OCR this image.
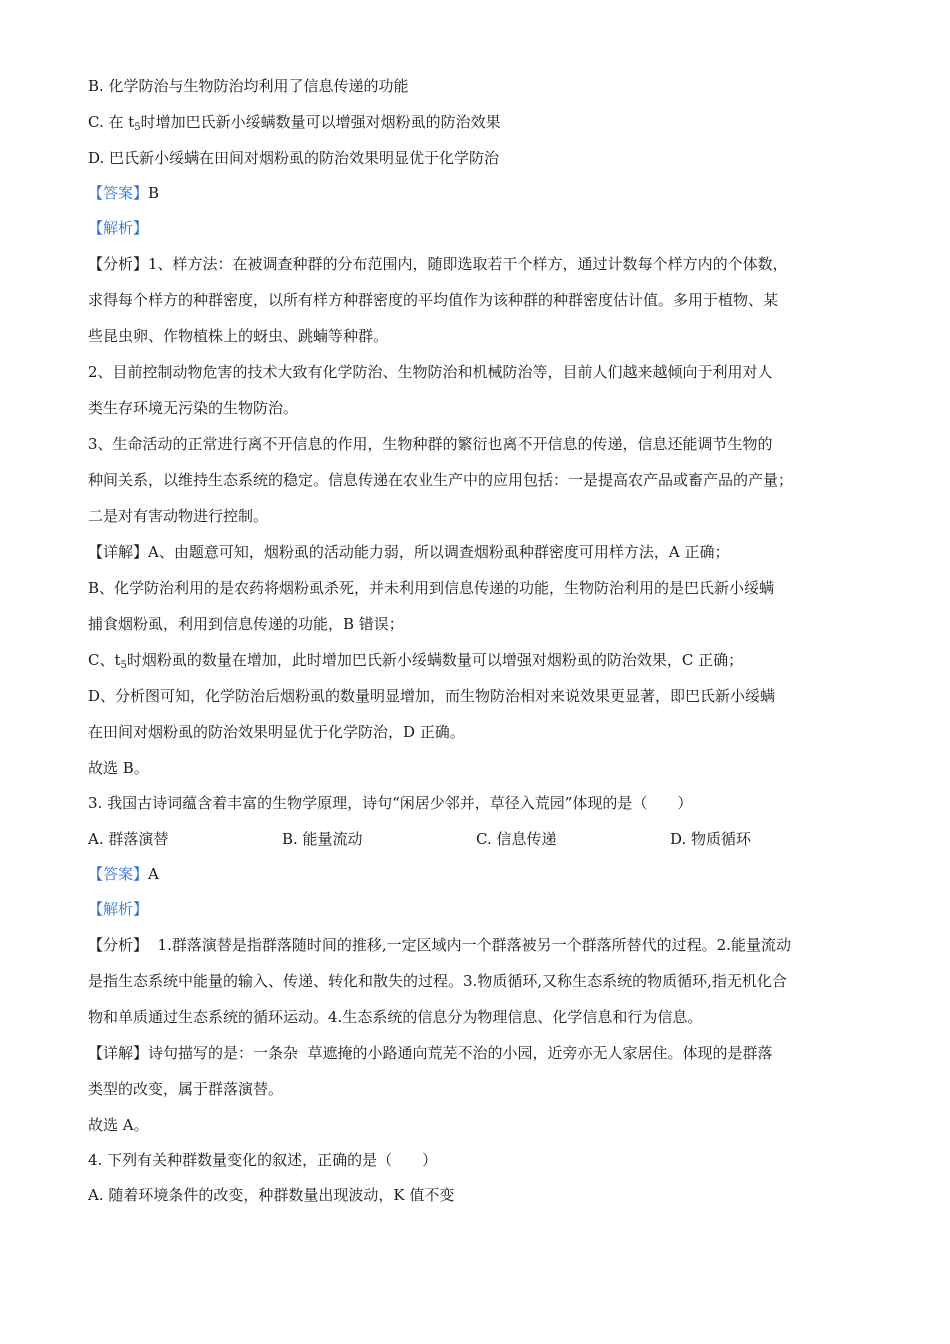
B. 化学防治与生物防治均利用了信息传递的功能
C. 在 $t_5$时增加巴氏新小绥螨数量可以增强对烟粉虱的防治效果
D. 巴氏新小绥螨在田间对烟粉虱的防治效果明显优于化学防治
【答案】B
【解析】
【分析】1、样方法：在被调查种群的分布范围内，随即选取若干个样方，通过计数每个样方内的个体数，
求得每个样方的种群密度，以所有样方种群密度的平均值作为该种群的种群密度估计值。多用于植物、某
些昆虫卵、作物植株上的蚜虫、跳蝻等种群。
2、目前控制动物危害的技术大致有化学防治、生物防治和机械防治等，目前人们越来越倾向于利用对人
类生存环境无污染的生物防治。
3、生命活动的正常进行离不开信息的作用，生物种群的繁衍也离不开信息的传递，信息还能调节生物的
种间关系，以维持生态系统的稳定。信息传递在农业生产中的应用包括：一是提高农产品或畜产品的产量；
二是对有害动物进行控制。
【详解】A、由题意可知，烟粉虱的活动能力弱，所以调查烟粉虱种群密度可用样方法，A 正确；
B、化学防治利用的是农药将烟粉虱杀死，并未利用到信息传递的功能，生物防治利用的是巴氏新小绥螨
捕食烟粉虱，利用到信息传递的功能，B 错误；
C、$t_5$时烟粉虱的数量在增加，此时增加巴氏新小绥螨数量可以增强对烟粉虱的防治效果，C 正确；
D、分析图可知，化学防治后烟粉虱的数量明显增加，而生物防治相对来说效果更显著，即巴氏新小绥螨
在田间对烟粉虱的防治效果明显优于化学防治，D 正确。
故选 B。
3. 我国古诗词蕴含着丰富的生物学原理，诗句“闲居少邻并，草径入荒园”体现的是（　　）
A. 群落演替	B. 能量流动	C. 信息传递	D. 物质循环
【答案】A
【解析】
【分析】  1.群落演替是指群落随时间的推移,一定区域内一个群落被另一个群落所替代的过程。2.能量流动
是指生态系统中能量的输入、传递、转化和散失的过程。3.物质循环,又称生态系统的物质循环,指无机化合
物和单质通过生态系统的循环运动。4.生态系统的信息分为物理信息、化学信息和行为信息。
【详解】诗句描写的是：一条杂  草遮掩的小路通向荒芜不治的小园，近旁亦无人家居住。体现的是群落
类型的改变，属于群落演替。
故选 A。
4. 下列有关种群数量变化的叙述，正确的是（　　）
A. 随着环境条件的改变，种群数量出现波动，K 值不变
